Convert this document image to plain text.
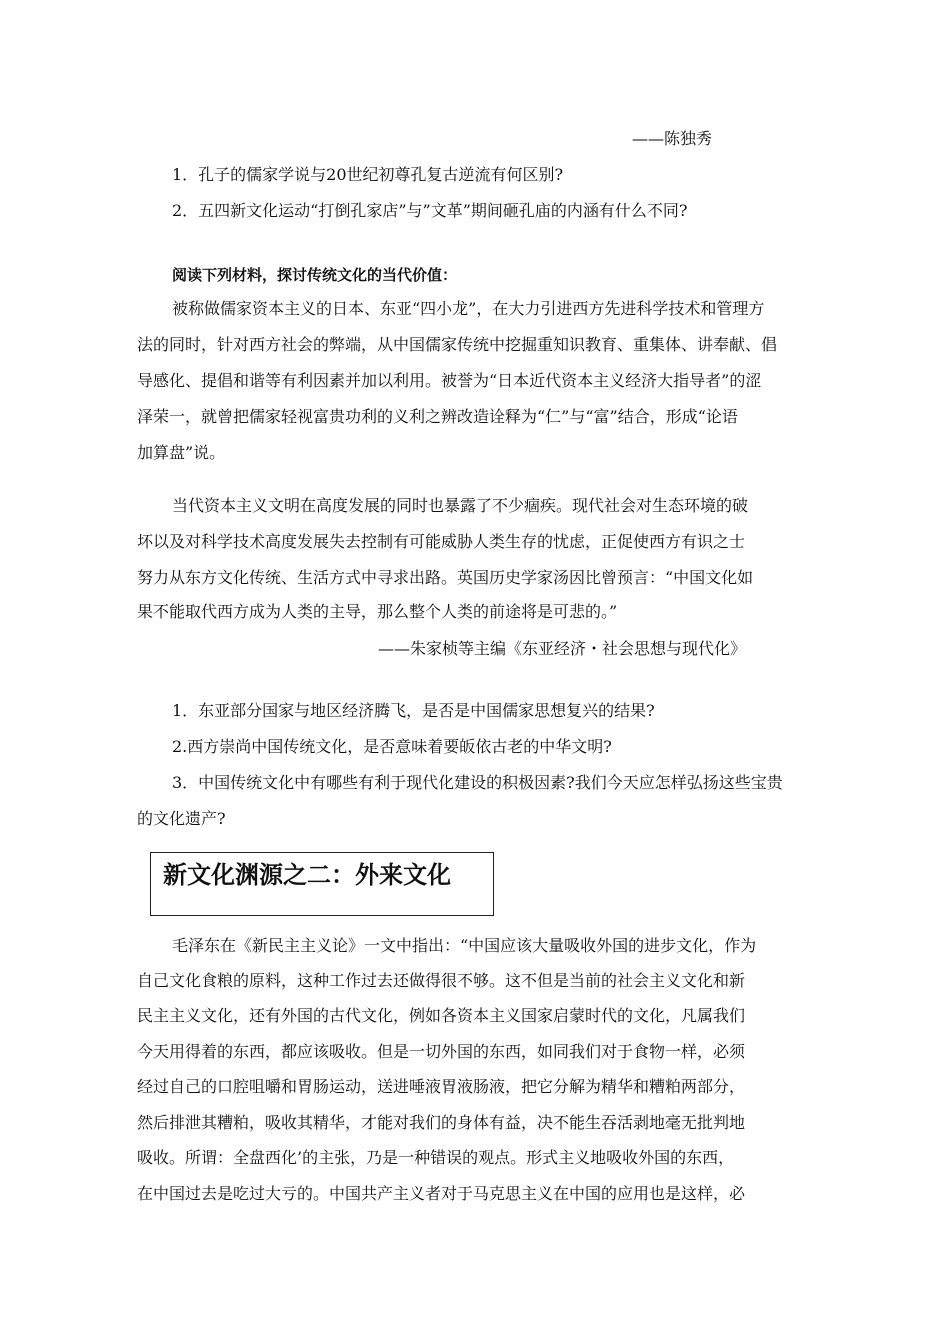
——陈独秀
1．孔子的儒家学说与20世纪初尊孔复古逆流有何区别?
2．五四新文化运动“打倒孔家店”与”文革”期间砸孔庙的内涵有什么不同?
阅读下列材料，探讨传统文化的当代价值：
被称做儒家资本主义的日本、东亚“四小龙”，在大力引进西方先进科学技术和管理方
法的同时，针对西方社会的弊端，从中国儒家传统中挖掘重知识教育、重集体、讲奉献、倡
导感化、提倡和谐等有利因素并加以利用。被誉为“日本近代资本主义经济大指导者”的涩
泽荣一，就曾把儒家轻视富贵功利的义利之辨改造诠释为“仁”与“富”结合，形成“论语
加算盘”说。
当代资本主义文明在高度发展的同时也暴露了不少痼疾。现代社会对生态环境的破
坏以及对科学技术高度发展失去控制有可能威胁人类生存的忧虑，正促使西方有识之士
努力从东方文化传统、生活方式中寻求出路。英国历史学家汤因比曾预言：“中国文化如
果不能取代西方成为人类的主导，那么整个人类的前途将是可悲的。”
——朱家桢等主编《东亚经济・社会思想与现代化》
1．东亚部分国家与地区经济腾飞，是否是中国儒家思想复兴的结果?
2.西方崇尚中国传统文化，是否意味着要皈依古老的中华文明?
3．中国传统文化中有哪些有利于现代化建设的积极因素?我们今天应怎样弘扬这些宝贵
的文化遗产?
新文化渊源之二：外来文化
毛泽东在《新民主主义论》一文中指出：“中国应该大量吸收外国的进步文化，作为
自己文化食粮的原料，这种工作过去还做得很不够。这不但是当前的社会主义文化和新
民主主义文化，还有外国的古代文化，例如各资本主义国家启蒙时代的文化，凡属我们
今天用得着的东西，都应该吸收。但是一切外国的东西，如同我们对于食物一样，必须
经过自己的口腔咀嚼和胃肠运动，送进唾液胃液肠液，把它分解为精华和糟粕两部分，
然后排泄其糟粕，吸收其精华，才能对我们的身体有益，决不能生吞活剥地毫无批判地
吸收。所谓：全盘西化’的主张，乃是一种错误的观点。形式主义地吸收外国的东西，
在中国过去是吃过大亏的。中国共产主义者对于马克思主义在中国的应用也是这样，必
